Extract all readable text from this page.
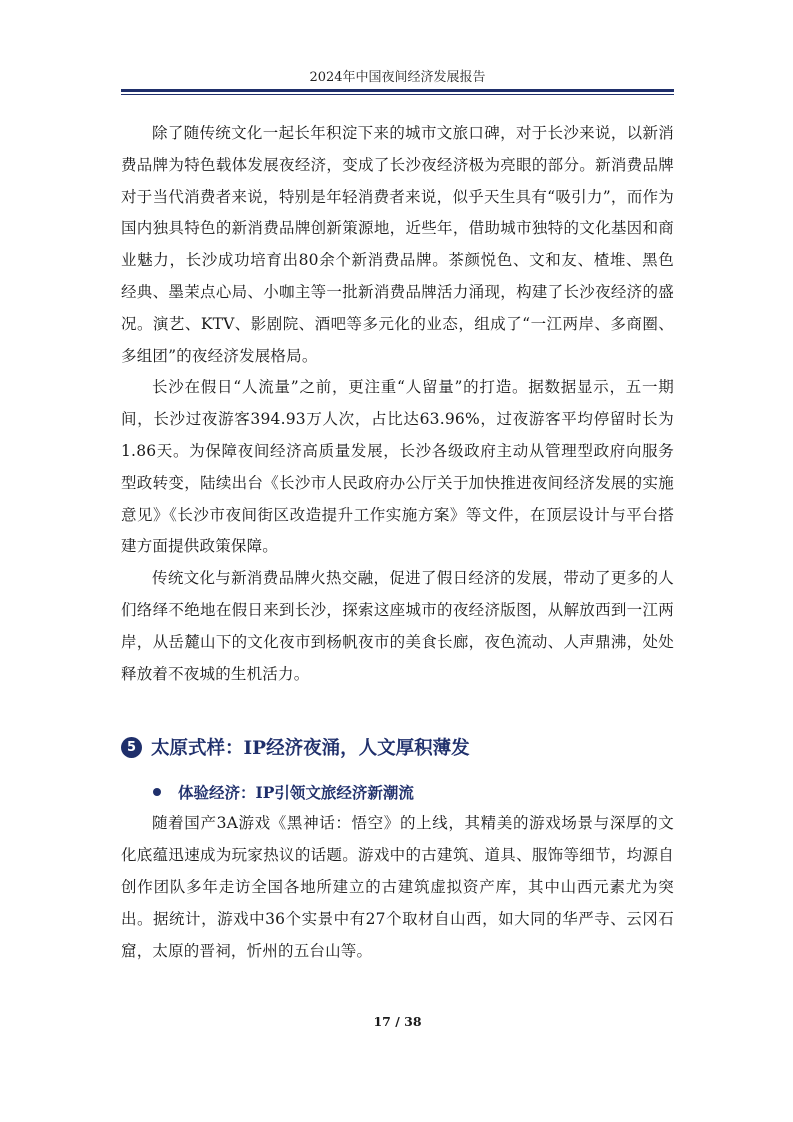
2024年中国夜间经济发展报告

除了随传统文化一起长年积淀下来的城市文旅口碑，对于长沙来说，以新消费品牌为特色载体发展夜经济，变成了长沙夜经济极为亮眼的部分。新消费品牌对于当代消费者来说，特别是年轻消费者来说，似乎天生具有“吸引力”，而作为国内独具特色的新消费品牌创新策源地，近些年，借助城市独特的文化基因和商业魅力，长沙成功培育出80余个新消费品牌。茶颜悦色、文和友、楂堆、黑色经典、墨茉点心局、小咖主等一批新消费品牌活力涌现，构建了长沙夜经济的盛况。演艺、KTV、影剧院、酒吧等多元化的业态，组成了“一江两岸、多商圈、多组团”的夜经济发展格局。

长沙在假日“人流量”之前，更注重“人留量”的打造。据数据显示，五一期间，长沙过夜游客394.93万人次，占比达63.96%，过夜游客平均停留时长为1.86天。为保障夜间经济高质量发展，长沙各级政府主动从管理型政府向服务型政转变，陆续出台《长沙市人民政府办公厅关于加快推进夜间经济发展的实施意见》《长沙市夜间街区改造提升工作实施方案》等文件，在顶层设计与平台搭建方面提供政策保障。

传统文化与新消费品牌火热交融，促进了假日经济的发展，带动了更多的人们络绎不绝地在假日来到长沙，探索这座城市的夜经济版图，从解放西到一江两岸，从岳麓山下的文化夜市到杨帆夜市的美食长廊，夜色流动、人声鼎沸，处处释放着不夜城的生机活力。

5 太原式样：IP经济夜涌，人文厚积薄发
体验经济：IP引领文旅经济新潮流

随着国产3A游戏《黑神话：悟空》的上线，其精美的游戏场景与深厚的文化底蕴迅速成为玩家热议的话题。游戏中的古建筑、道具、服饰等细节，均源自创作团队多年走访全国各地所建立的古建筑虚拟资产库，其中山西元素尤为突出。据统计，游戏中36个实景中有27个取材自山西，如大同的华严寺、云冈石窟，太原的晋祠，忻州的五台山等。

17 / 38
